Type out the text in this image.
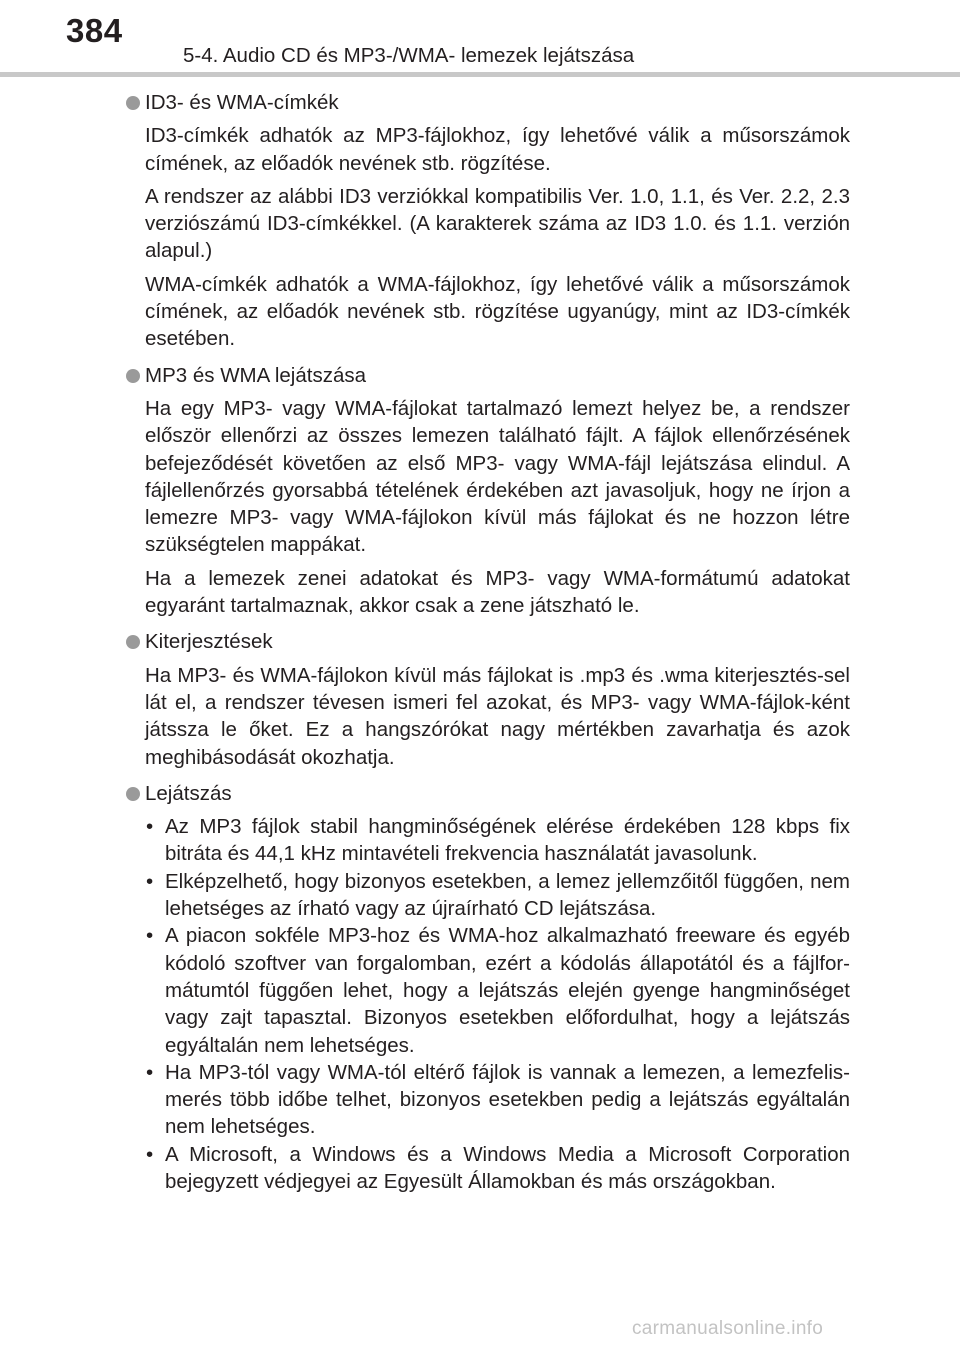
384
5-4. Audio CD és MP3-/WMA- lemezek lejátszása
ID3- és WMA-címkék

ID3-címkék adhatók az MP3-fájlokhoz, így lehetővé válik a műsorszámok címének, az előadók nevének stb. rögzítése.

A rendszer az alábbi ID3 verziókkal kompatibilis Ver. 1.0, 1.1, és Ver. 2.2, 2.3 verziószámú ID3-címkékkel. (A karakterek száma az ID3 1.0. és 1.1. verzión alapul.)

WMA-címkék adhatók a WMA-fájlokhoz, így lehetővé válik a műsorszámok címének, az előadók nevének stb. rögzítése ugyanúgy, mint az ID3-címkék esetében.

MP3 és WMA lejátszása

Ha egy MP3- vagy WMA-fájlokat tartalmazó lemezt helyez be, a rendszer először ellenőrzi az összes lemezen található fájlt. A fájlok ellenőrzésének befejeződését követően az első MP3- vagy WMA-fájl lejátszása elindul. A fájlellenőrzés gyorsabbá tételének érdekében azt javasoljuk, hogy ne írjon a lemezre MP3- vagy WMA-fájlokon kívül más fájlokat és ne hozzon létre szükségtelen mappákat.

Ha a lemezek zenei adatokat és MP3- vagy WMA-formátumú adatokat egyaránt tartalmaznak, akkor csak a zene játszható le.

Kiterjesztések

Ha MP3- és WMA-fájlokon kívül más fájlokat is .mp3 és .wma kiterjesztés-sel lát el, a rendszer tévesen ismeri fel azokat, és MP3- vagy WMA-fájlok-ként játssza le őket. Ez a hangszórókat nagy mértékben zavarhatja és azok meghibásodását okozhatja.

Lejátszás
• Az MP3 fájlok stabil hangminőségének elérése érdekében 128 kbps fix bitráta és 44,1 kHz mintavételi frekvencia használatát javasolunk.
• Elképzelhető, hogy bizonyos esetekben, a lemez jellemzőitől függően, nem lehetséges az írható vagy az újraírható CD lejátszása.
• A piacon sokféle MP3-hoz és WMA-hoz alkalmazható freeware és egyéb kódoló szoftver van forgalomban, ezért a kódolás állapotától és a fájlfor-mátumtól függően lehet, hogy a lejátszás elején gyenge hangminőséget vagy zajt tapasztal. Bizonyos esetekben előfordulhat, hogy a lejátszás egyáltalán nem lehetséges.
• Ha MP3-tól vagy WMA-tól eltérő fájlok is vannak a lemezen, a lemezfelis-merés több időbe telhet, bizonyos esetekben pedig a lejátszás egyáltalán nem lehetséges.
• A Microsoft, a Windows és a Windows Media a Microsoft Corporation bejegyzett védjegyei az Egyesült Államokban és más országokban.
carmanualsonline.info
